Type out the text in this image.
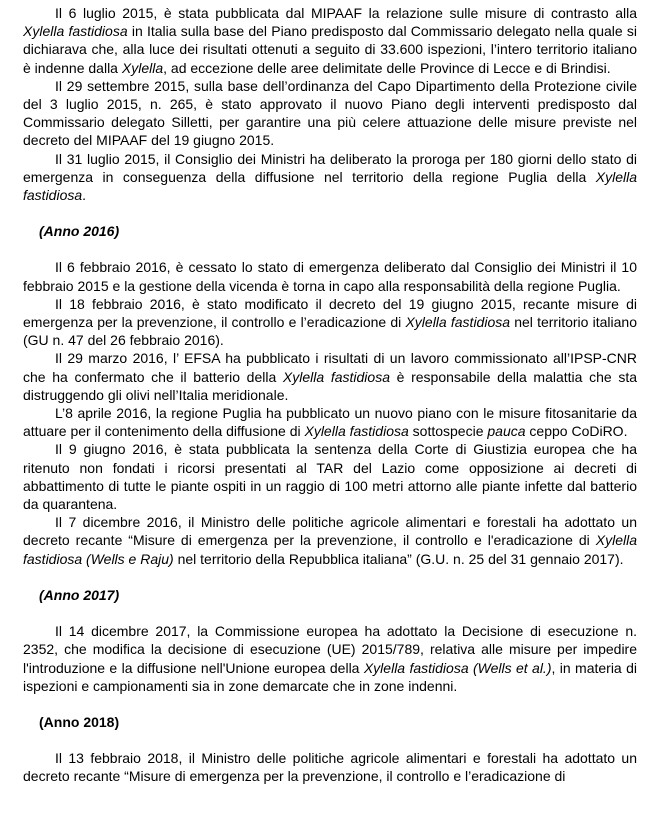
Il 6 luglio 2015, è stata pubblicata dal MIPAAF la relazione sulle misure di contrasto alla Xylella fastidiosa in Italia sulla base del Piano predisposto dal Commissario delegato nella quale si dichiarava che, alla luce dei risultati ottenuti a seguito di 33.600 ispezioni, l’intero territorio italiano è indenne dalla Xylella, ad eccezione delle aree delimitate delle Province di Lecce e di Brindisi.

Il 29 settembre 2015, sulla base dell’ordinanza del Capo Dipartimento della Protezione civile del 3 luglio 2015, n. 265, è stato approvato il nuovo Piano degli interventi predisposto dal Commissario delegato Silletti, per garantire una più celere attuazione delle misure previste nel decreto del MIPAAF del 19 giugno 2015.

Il 31 luglio 2015, il Consiglio dei Ministri ha deliberato la proroga per 180 giorni dello stato di emergenza in conseguenza della diffusione nel territorio della regione Puglia della Xylella fastidiosa.

(Anno 2016)

Il 6 febbraio 2016, è cessato lo stato di emergenza deliberato dal Consiglio dei Ministri il 10 febbraio 2015 e la gestione della vicenda è torna in capo alla responsabilità della regione Puglia.

Il 18 febbraio 2016, è stato modificato il decreto del 19 giugno 2015, recante misure di emergenza per la prevenzione, il controllo e l’eradicazione di Xylella fastidiosa nel territorio italiano (GU n. 47 del 26 febbraio 2016).

Il 29 marzo 2016, l’ EFSA ha pubblicato i risultati di un lavoro commissionato all’IPSP-CNR che ha confermato che il batterio della Xylella fastidiosa è responsabile della malattia che sta distruggendo gli olivi nell’Italia meridionale.

L’8 aprile 2016, la regione Puglia ha pubblicato un nuovo piano con le misure fitosanitarie da attuare per il contenimento della diffusione di Xylella fastidiosa sottospecie pauca ceppo CoDiRO.

Il 9 giugno 2016, è stata pubblicata la sentenza della Corte di Giustizia europea che ha ritenuto non fondati i ricorsi presentati al TAR del Lazio come opposizione ai decreti di abbattimento di tutte le piante ospiti in un raggio di 100 metri attorno alle piante infette dal batterio da quarantena.

Il 7 dicembre 2016, il Ministro delle politiche agricole alimentari e forestali ha adottato un decreto recante “Misure di emergenza per la prevenzione, il controllo e l'eradicazione di Xylella fastidiosa (Wells e Raju) nel territorio della Repubblica italiana” (G.U. n. 25 del 31 gennaio 2017).

(Anno 2017)

Il 14 dicembre 2017, la Commissione europea ha adottato la Decisione di esecuzione n. 2352, che modifica la decisione di esecuzione (UE) 2015/789, relativa alle misure per impedire l'introduzione e la diffusione nell'Unione europea della Xylella fastidiosa (Wells et al.), in materia di ispezioni e campionamenti sia in zone demarcate che in zone indenni.

(Anno 2018)

Il 13 febbraio 2018, il Ministro delle politiche agricole alimentari e forestali ha adottato un decreto recante “Misure di emergenza per la prevenzione, il controllo e l’eradicazione di
